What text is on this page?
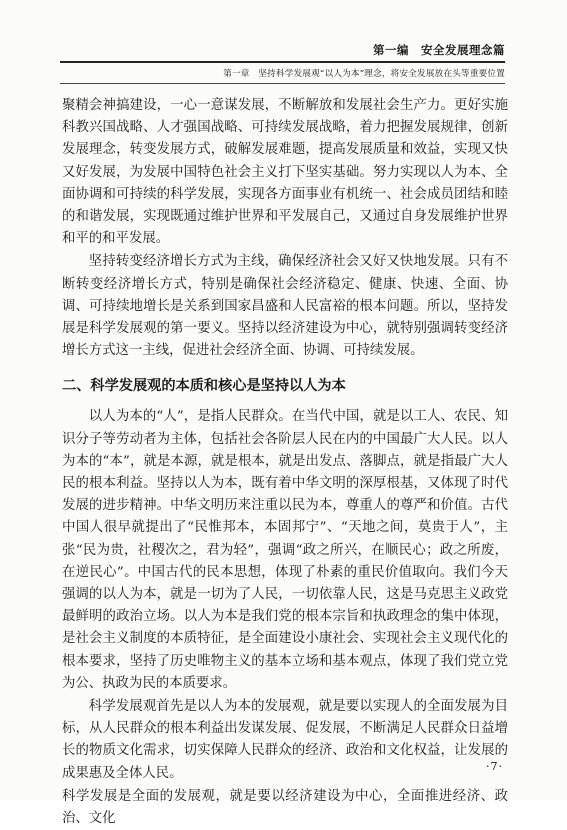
第一编　安全发展理念篇
第一章　坚持科学发展观“以人为本”理念，将安全发展放在头等重要位置

聚精会神搞建设，一心一意谋发展，不断解放和发展社会生产力。更好实施科教兴国战略、人才强国战略、可持续发展战略，着力把握发展规律，创新发展理念，转变发展方式，破解发展难题，提高发展质量和效益，实现又快又好发展，为发展中国特色社会主义打下坚实基础。努力实现以人为本、全面协调和可持续的科学发展，实现各方面事业有机统一、社会成员团结和睦的和谐发展，实现既通过维护世界和平发展自己，又通过自身发展维护世界和平的和平发展。

坚持转变经济增长方式为主线，确保经济社会又好又快地发展。只有不断转变经济增长方式，特别是确保社会经济稳定、健康、快速、全面、协调、可持续地增长是关系到国家昌盛和人民富裕的根本问题。所以，坚持发展是科学发展观的第一要义。坚持以经济建设为中心，就特别强调转变经济增长方式这一主线，促进社会经济全面、协调、可持续发展。

二、科学发展观的本质和核心是坚持以人为本

以人为本的“人”，是指人民群众。在当代中国，就是以工人、农民、知识分子等劳动者为主体，包括社会各阶层人民在内的中国最广大人民。以人为本的“本”，就是本源，就是根本，就是出发点、落脚点，就是指最广大人民的根本利益。坚持以人为本，既有着中华文明的深厚根基，又体现了时代发展的进步精神。中华文明历来注重以民为本，尊重人的尊严和价值。古代中国人很早就提出了“民惟邦本，本固邦宁”、“天地之间，莫贵于人”，主张“民为贵，社稷次之，君为轻”，强调“政之所兴，在顺民心；政之所废，在逆民心”。中国古代的民本思想，体现了朴素的重民价值取向。我们今天强调的以人为本，就是一切为了人民，一切依靠人民，这是马克思主义政党最鲜明的政治立场。以人为本是我们党的根本宗旨和执政理念的集中体现，是社会主义制度的本质特征，是全面建设小康社会、实现社会主义现代化的根本要求，坚持了历史唯物主义的基本立场和基本观点，体现了我们党立党为公、执政为民的本质要求。

科学发展观首先是以人为本的发展观，就是要以实现人的全面发展为目标，从人民群众的根本利益出发谋发展、促发展，不断满足人民群众日益增长的物质文化需求，切实保障人民群众的经济、政治和文化权益，让发展的成果惠及全体人民。

科学发展是全面的发展观，就是要以经济建设为中心，全面推进经济、政治、文化

·7·
